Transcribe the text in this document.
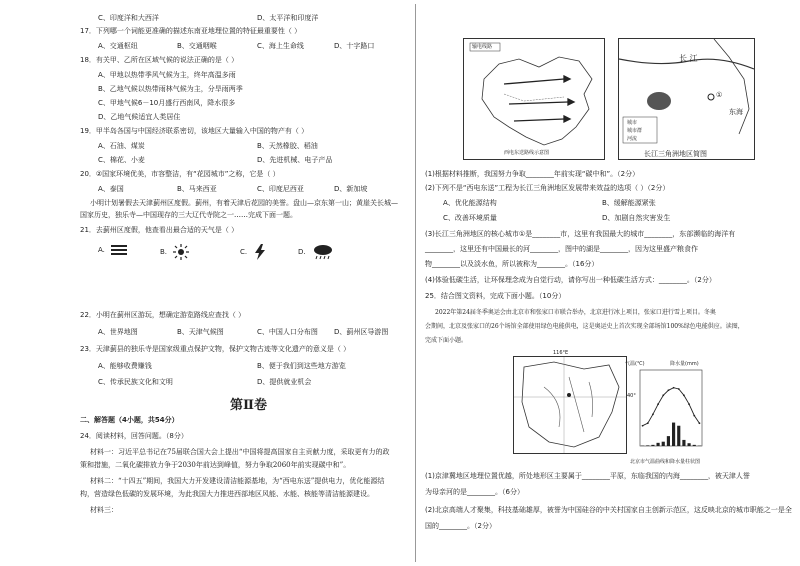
C、印度洋和大西洋	D、太平洋和印度洋
17．下列哪一个词能更准确的描述东南亚地理位置的特征最重要性（ ）
A、交通枢纽	B、交通咽喉	C、海上生命线	D、十字路口
18．有关甲、乙所在区域气候的说法正确的是（ ）
A、甲地以热带季风气候为主，终年高温多雨
B、乙地气候以热带雨林气候为主，分旱雨两季
C、甲地气候6－10月盛行西南风，降水很多
D、乙地气候适宜人类居住
19．甲半岛各国与中国经济联系密切，该地区大量输入中国的物产有（ ）
A、石油、煤炭	B、天然橡胶、稻油
C、棉花、小麦	D、先进机械、电子产品
20．②国家环境优美，市容整洁，有“花园城市”之称，它是（ ）
A、泰国	B、马来西亚	C、印度尼西亚	D、新加坡
小明计划暑假去天津蓟州区度假。蓟州，有着天津后花园的美誉。盘山—京东第一山；黄崖关长城—
国家历史，独乐寺—中国现存的三大辽代寺院之一……完成下面一题。
21．去蓟州区度假，他查看出最合适的天气是（ ）
A.	B.	C.	D.
22．小明在蓟州区游玩，想确定游览路线应查找（ ）
A、世界地图	B、天津气候图	C、中国人口分布图 D、蓟州区导游图
23．天津蓟县的独乐寺是国家级重点保护文物，保护文物古迹等文化遗产的意义是（ ）
A、能够收费赚钱	B、便于我们到这些地方游览
C、传承民族文化和文明	D、提供就业机会
第Ⅱ卷
二、解答题（4小题，共54分）
24．阅读材料，回答问题。（8分）
材料一：习近平总书记在75届联合国大会上提出“中国将提高国家自主贡献力度，采取更有力的政
策和措施，二氧化碳排放力争于2030年前达到峰值，努力争取2060年前实现碳中和”。
材料二：“十四五”期间，我国大力开发建设清洁能源基地，为“西电东送”提供电力，优化能源结
构，营造绿色低碳的发展环境，为此我国大力推进西部地区风能、水能、核能等清洁能源建设。
材料三：
输电线路
西电东送路线示意图
长 江
东海
①
城市
城市群
河流
长江三角洲地区简图
(1)根据材料推断，我国努力争取________年前实现“碳中和”。（2分）
(2)下列不是“西电东送”工程为长江三角洲地区发展带来效益的选项（ ）（2分）
A、优化能源结构	B、缓解能源紧张
C、改善环境质量	D、加剧自然灾害发生
(3)长江三角洲地区的核心城市①是________市，这里有我国最大的城市________，东部濒临的海洋有
________，这里还有中国最长的河________，图中的湖是________，因为这里盛产粮食作
物________以及淡水鱼，所以被称为________。（16分）
(4)体验低碳生活，让环保理念成为自觉行动，请你写出一种低碳生活方式：________。（2分）
25．结合图文资料，完成下面小题。（10分）
2022年第24届冬季奥运会由北京市和张家口市联合举办，北京进行冰上项目，张家口进行雪上项目。冬奥
会期间，北京及张家口的26个场馆全部使用绿色电能供电，这是奥运史上首次实现全部场馆100%绿色电能供应。读图，
完成下面小题。
116°E
40°
气温(℃)	降水量(mm)
北京市气温曲线和降水量柱状图
(1)京津冀地区地理位置优越，所处地形区主要属于________平原，东临我国的内海________，被天津人誉
为母亲河的是________。（6分）
(2)北京高端人才聚集，科技基础雄厚，被誉为中国硅谷的中关村国家自主创新示范区，这反映北京的城市职能之一是全
国的________。（2分）
